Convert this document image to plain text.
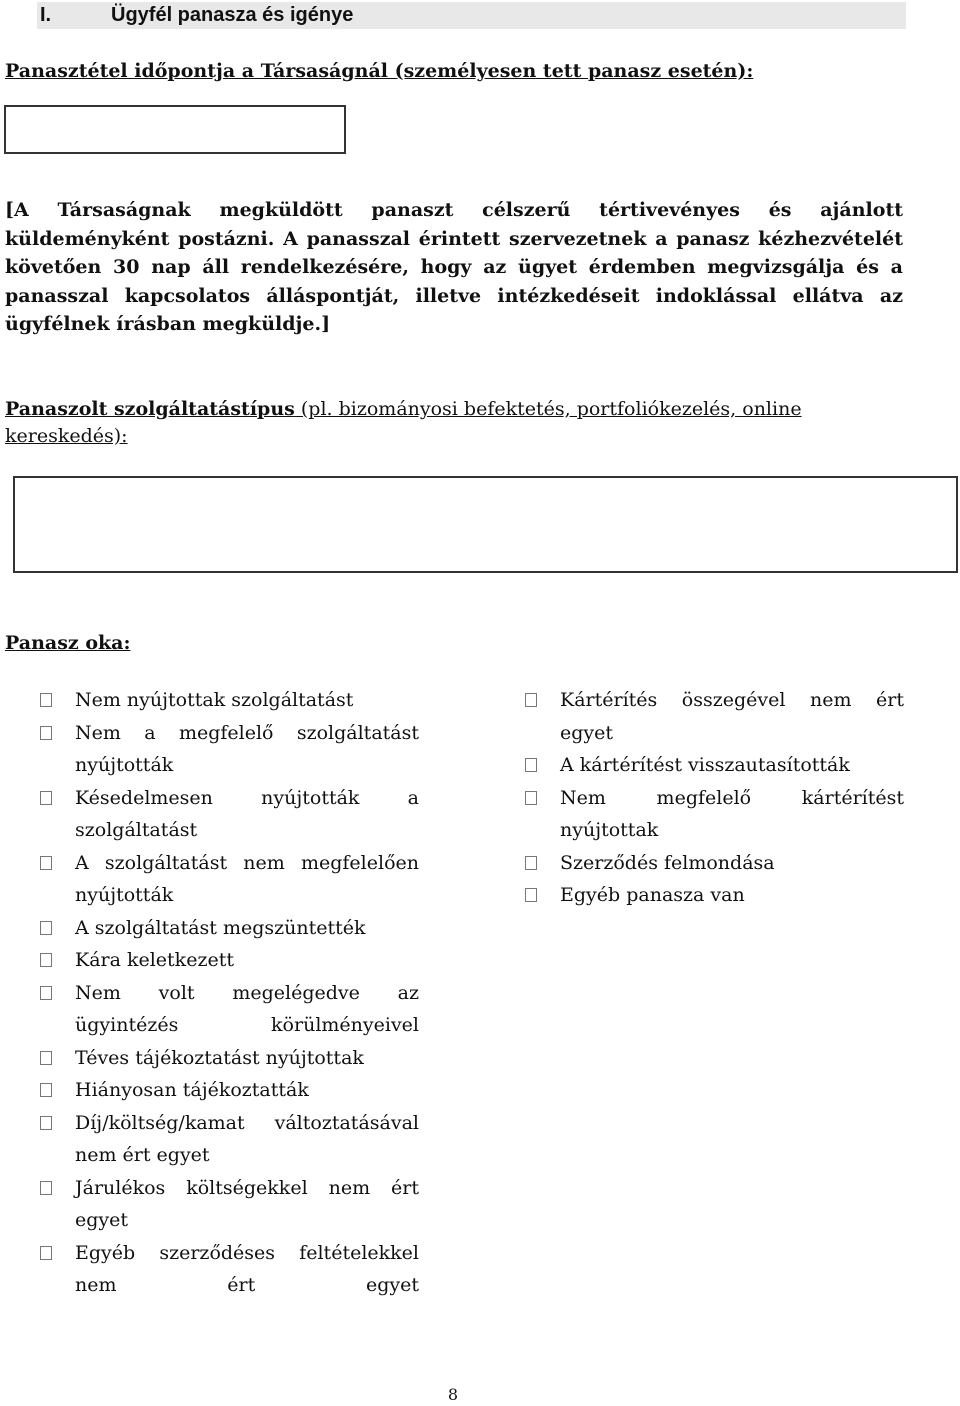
I.	Ügyfél panasza és igénye
Panasztétel időpontja a Társaságnál (személyesen tett panasz esetén):
[A Társaságnak megküldött panaszt célszerű tértivevényes és ajánlott küldeményként postázni. A panasszal érintett szervezetnek a panasz kézhezvételét követően 30 nap áll rendelkezésére, hogy az ügyet érdemben megvizsgálja és a panasszal kapcsolatos álláspontját, illetve intézkedéseit indoklással ellátva az ügyfélnek írásban megküldje.]
Panaszolt szolgáltatástípus (pl. bizományosi befektetés, portfoliókezelés, online kereskedés):
Panasz oka:
Nem nyújtottak szolgáltatást
Nem a megfelelő szolgáltatást nyújtották
Késedelmesen nyújtották a szolgáltatást
A szolgáltatást nem megfelelően nyújtották
A szolgáltatást megszüntették
Kára keletkezett
Nem volt megelégedve az ügyintézés körülményeivel
Téves tájékoztatást nyújtottak
Hiányosan tájékoztatták
Díj/költség/kamat változtatásával nem ért egyet
Járulékos költségekkel nem ért egyet
Egyéb szerződéses feltételekkel nem ért egyet
Kártérítés összegével nem ért egyet
A kártérítést visszautasították
Nem megfelelő kártérítést nyújtottak
Szerződés felmondása
Egyéb panasza van
8
